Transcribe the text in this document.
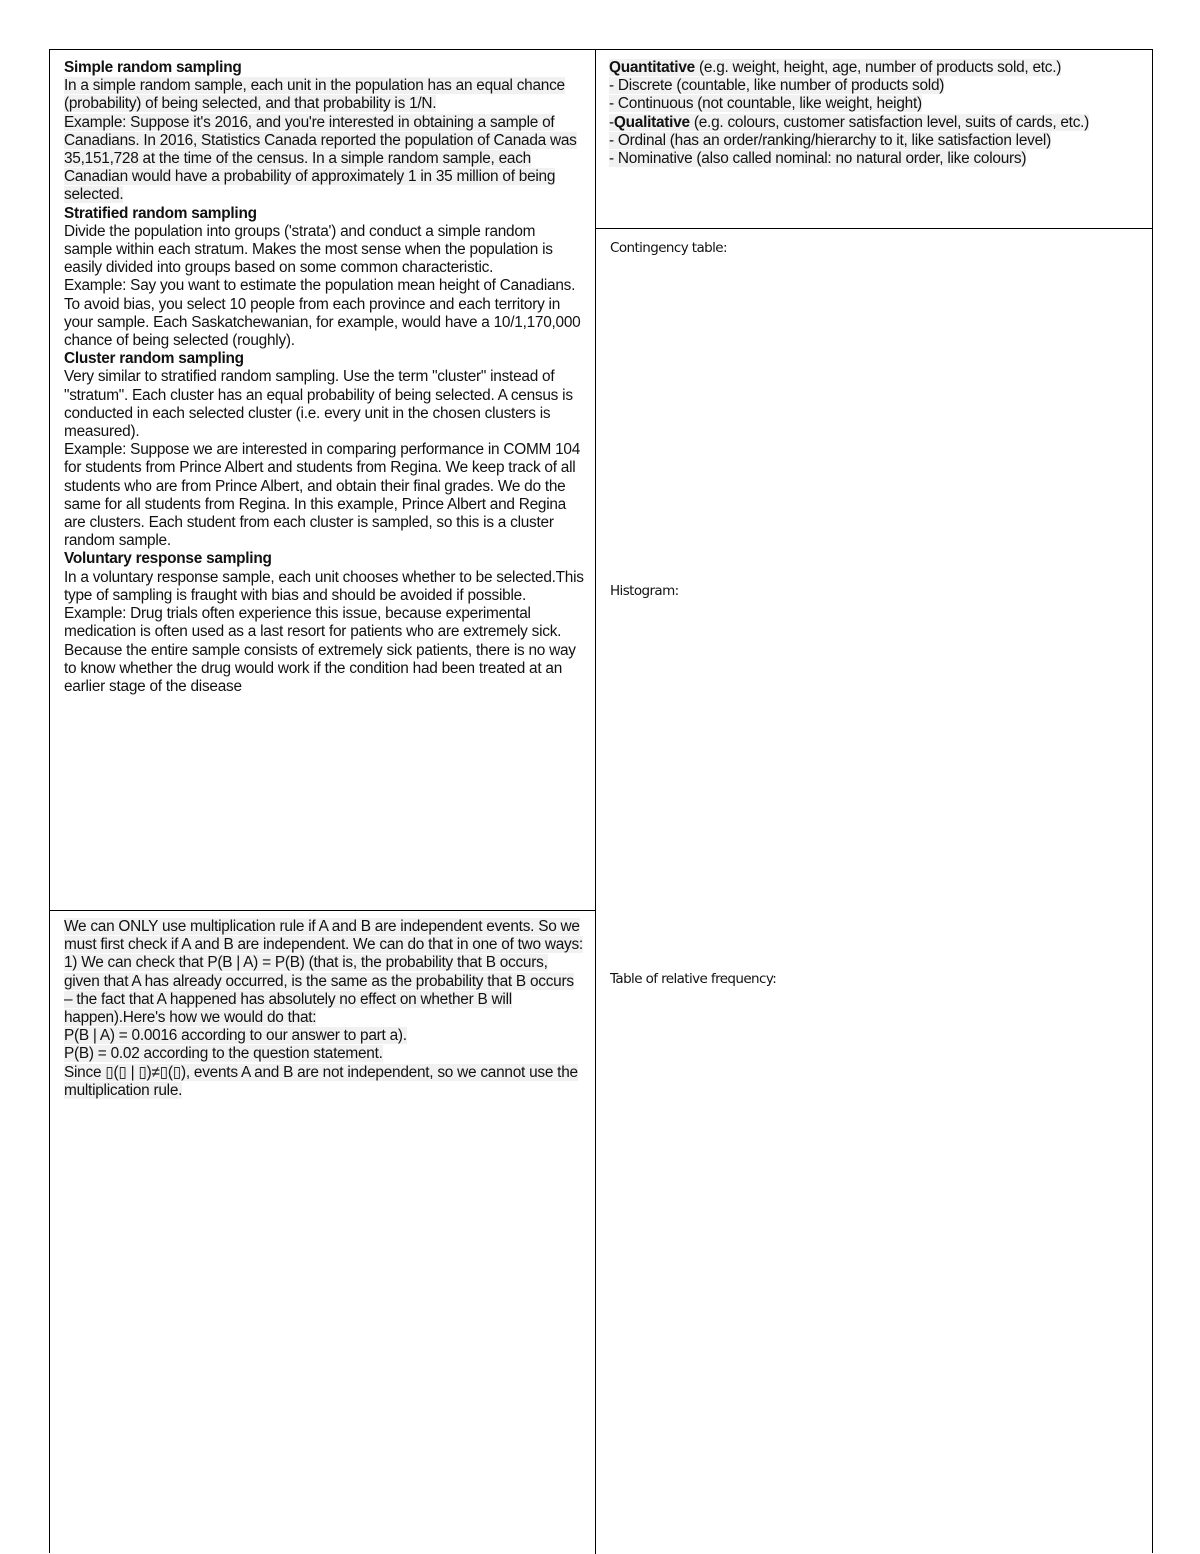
Simple random sampling

In a simple random sample, each unit in the population has an equal chance (probability) of being selected, and that probability is 1/N.

Example: Suppose it's 2016, and you're interested in obtaining a sample of Canadians. In 2016, Statistics Canada reported the population of Canada was 35,151,728 at the time of the census. In a simple random sample, each Canadian would have a probability of approximately 1 in 35 million of being selected.

Stratified random sampling

Divide the population into groups ('strata') and conduct a simple random sample within each stratum. Makes the most sense when the population is easily divided into groups based on some common characteristic.

Example: Say you want to estimate the population mean height of Canadians. To avoid bias, you select 10 people from each province and each territory in your sample. Each Saskatchewanian, for example, would have a 10/1,170,000 chance of being selected (roughly).

Cluster random sampling

Very similar to stratified random sampling. Use the term "cluster" instead of "stratum". Each cluster has an equal probability of being selected. A census is conducted in each selected cluster (i.e. every unit in the chosen clusters is measured).

Example: Suppose we are interested in comparing performance in COMM 104 for students from Prince Albert and students from Regina. We keep track of all students who are from Prince Albert, and obtain their final grades. We do the same for all students from Regina. In this example, Prince Albert and Regina are clusters. Each student from each cluster is sampled, so this is a cluster random sample.

Voluntary response sampling

In a voluntary response sample, each unit chooses whether to be selected.This type of sampling is fraught with bias and should be avoided if possible.

Example: Drug trials often experience this issue, because experimental medication is often used as a last resort for patients who are extremely sick. Because the entire sample consists of extremely sick patients, there is no way to know whether the drug would work if the condition had been treated at an earlier stage of the disease

We can ONLY use multiplication rule if A and B are independent events. So we must first check if A and B are independent. We can do that in one of two ways:

1) We can check that P(B | A) = P(B) (that is, the probability that B occurs, given that A has already occurred, is the same as the probability that B occurs – the fact that A happened has absolutely no effect on whether B will happen).Here's how we would do that:

P(B | A) = 0.0016 according to our answer to part a).

P(B) = 0.02 according to the question statement.

Since ▯(▯ | ▯)≠▯(▯), events A and B are not independent, so we cannot use the multiplication rule.

Quantitative (e.g. weight, height, age, number of products sold, etc.)

- Discrete (countable, like number of products sold)

- Continuous (not countable, like weight, height)

-Qualitative (e.g. colours, customer satisfaction level, suits of cards, etc.)

- Ordinal (has an order/ranking/hierarchy to it, like satisfaction level)

- Nominative (also called nominal: no natural order, like colours)

Contingency table:
Histogram:
Table of relative frequency:
